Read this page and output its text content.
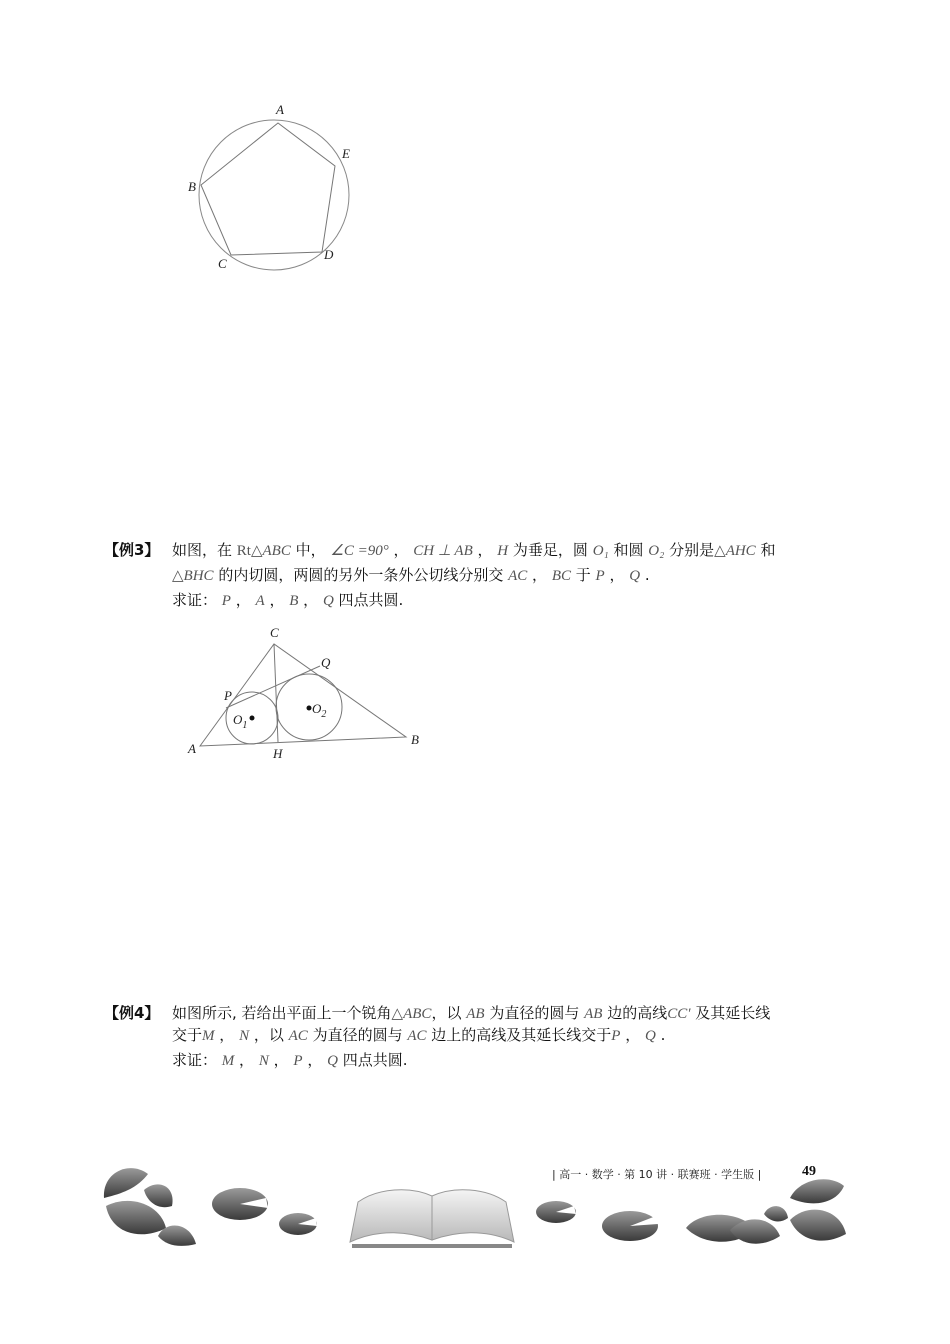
A
E
B
C
D
【例3】 如图，在 Rt△ABC 中， ∠C =90° ， CH ⊥ AB ， H 为垂足，圆 O₁ 和圆 O₂ 分别是△AHC 和
△BHC 的内切圆，两圆的另外一条外公切线分别交 AC ， BC 于 P ， Q .
求证： P ， A ， B ， Q 四点共圆.
C
Q
P
$O_1$
$O_2$
A	H
B
【例4】 如图所示, 若给出平面上一个锐角△ABC，以 AB 为直径的圆与 AB 边的高线CC′ 及其延长线
交于M ， N ，以 AC 为直径的圆与 AC 边上的高线及其延长线交于P ， Q .
求证： M ， N ， P ， Q 四点共圆.
| 高一 · 数学 · 第 10 讲 · 联赛班 · 学生版 |	49
